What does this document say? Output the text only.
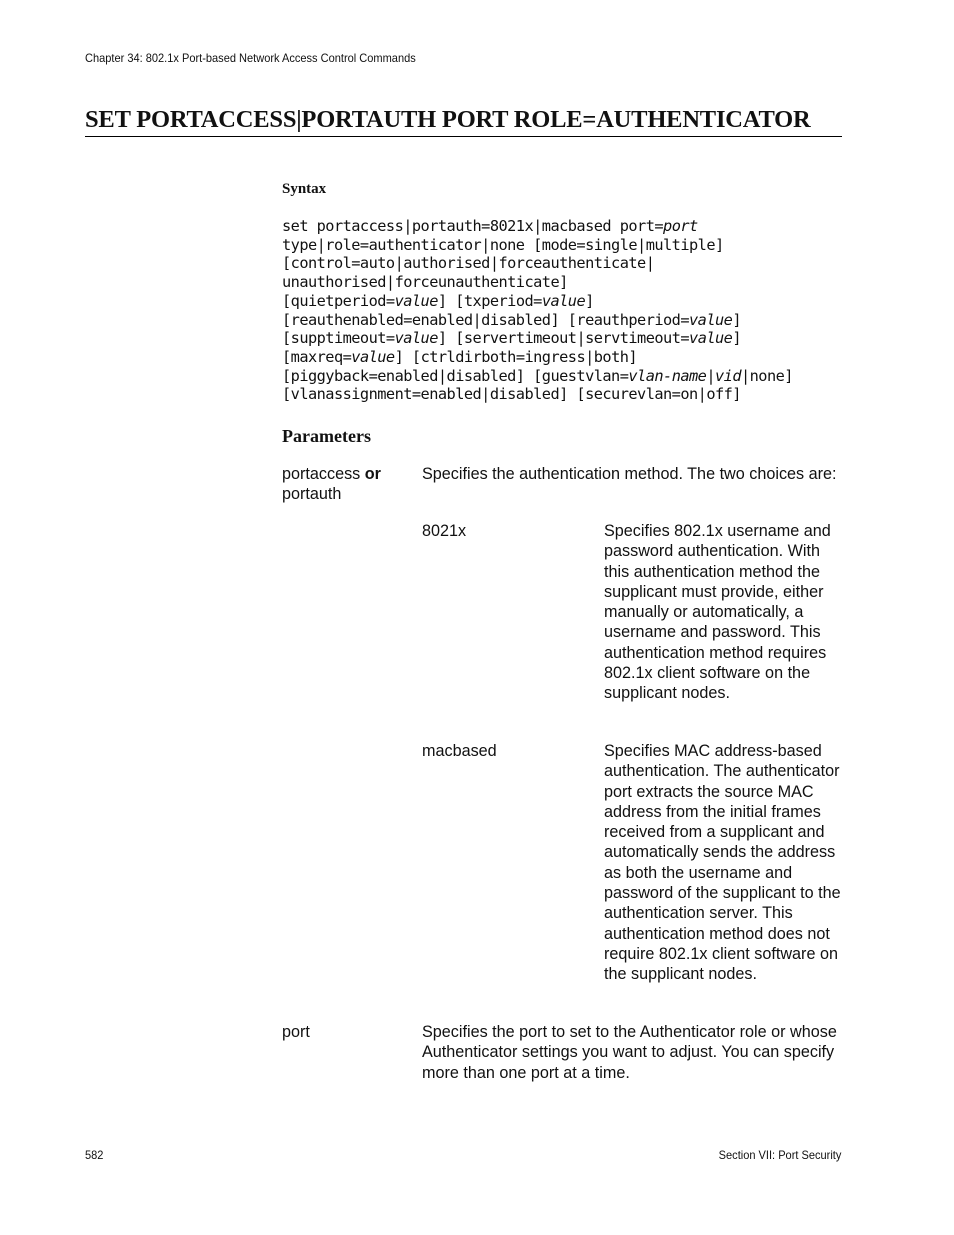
Chapter 34: 802.1x Port-based Network Access Control Commands
SET PORTACCESS|PORTAUTH PORT ROLE=AUTHENTICATOR
Syntax
set portaccess|portauth=8021x|macbased port=port
type|role=authenticator|none [mode=single|multiple]
[control=auto|authorised|forceauthenticate|
unauthorised|forceunauthenticate]
[quietperiod=value] [txperiod=value]
[reauthenabled=enabled|disabled] [reauthperiod=value]
[supptimeout=value] [servertimeout|servtimeout=value]
[maxreq=value] [ctrldirboth=ingress|both]
[piggyback=enabled|disabled] [guestvlan=vlan-name|vid|none]
[vlanassignment=enabled|disabled] [securevlan=on|off]
Parameters
portaccess or
portauth
Specifies the authentication method. The two choices are:
8021x	Specifies 802.1x username and password authentication. With this authentication method the supplicant must provide, either manually or automatically, a username and password. This authentication method requires 802.1x client software on the supplicant nodes.
macbased	Specifies MAC address-based authentication. The authenticator port extracts the source MAC address from the initial frames received from a supplicant and automatically sends the address as both the username and password of the supplicant to the authentication server. This authentication method does not require 802.1x client software on the supplicant nodes.
port	Specifies the port to set to the Authenticator role or whose Authenticator settings you want to adjust. You can specify more than one port at a time.
582	Section VII: Port Security
